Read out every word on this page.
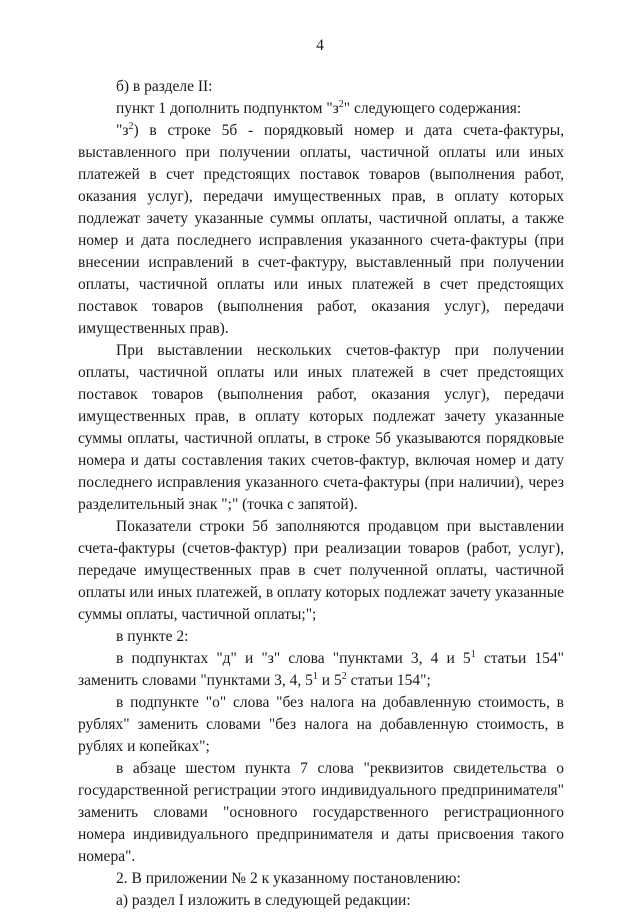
4

б) в разделе II:

пункт 1 дополнить подпунктом "$з^2$" следующего содержания:

"$з^2$) в строке 5б - порядковый номер и дата счета-фактуры, выставленного при получении оплаты, частичной оплаты или иных платежей в счет предстоящих поставок товаров (выполнения работ, оказания услуг), передачи имущественных прав, в оплату которых подлежат зачету указанные суммы оплаты, частичной оплаты, а также номер и дата последнего исправления указанного счета-фактуры (при внесении исправлений в счет-фактуру, выставленный при получении оплаты, частичной оплаты или иных платежей в счет предстоящих поставок товаров (выполнения работ, оказания услуг), передачи имущественных прав).

При выставлении нескольких счетов-фактур при получении оплаты, частичной оплаты или иных платежей в счет предстоящих поставок товаров (выполнения работ, оказания услуг), передачи имущественных прав, в оплату которых подлежат зачету указанные суммы оплаты, частичной оплаты, в строке 5б указываются порядковые номера и даты составления таких счетов-фактур, включая номер и дату последнего исправления указанного счета-фактуры (при наличии), через разделительный знак ";" (точка с запятой).

Показатели строки 5б заполняются продавцом при выставлении счета-фактуры (счетов-фактур) при реализации товаров (работ, услуг), передаче имущественных прав в счет полученной оплаты, частичной оплаты или иных платежей, в оплату которых подлежат зачету указанные суммы оплаты, частичной оплаты;";

в пункте 2:

в подпунктах "д" и "з" слова "пунктами 3, 4 и $5^1$ статьи 154" заменить словами "пунктами 3, 4, $5^1$ и $5^2$ статьи 154";

в подпункте "о" слова "без налога на добавленную стоимость, в рублях" заменить словами "без налога на добавленную стоимость, в рублях и копейках";

в абзаце шестом пункта 7 слова "реквизитов свидетельства о государственной регистрации этого индивидуального предпринимателя" заменить словами "основного государственного регистрационного номера индивидуального предпринимателя и даты присвоения такого номера".

2. В приложении № 2 к указанному постановлению:

а) раздел I изложить в следующей редакции:
